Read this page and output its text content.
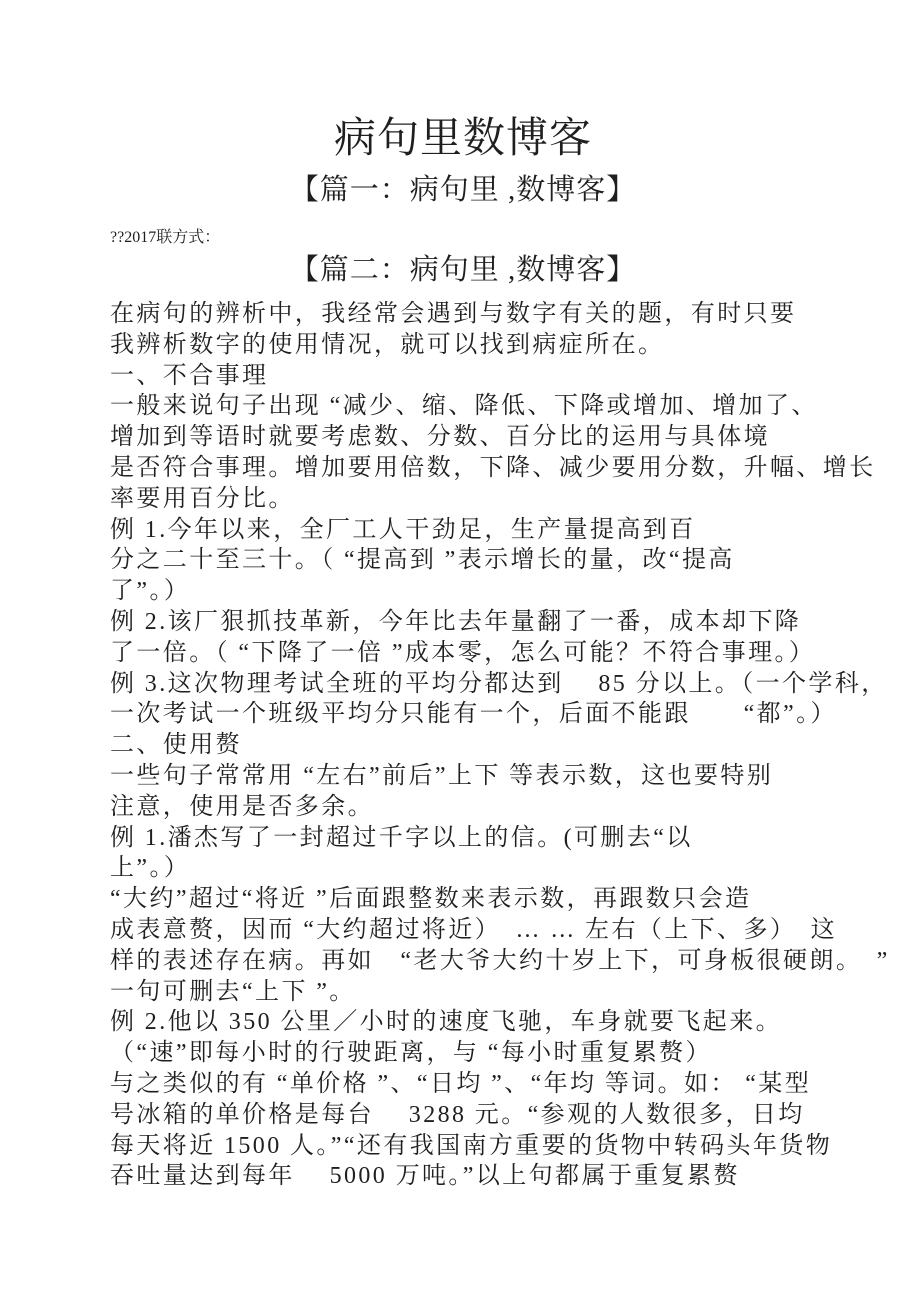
病句里数博客
【篇一：病句里 ,数博客】

??2017联方式：

【篇二：病句里 ,数博客】
在病句的辨析中，我经常会遇到与数字有关的题，有时只要
我辨析数字的使用情况，就可以找到病症所在。
一、不合事理
一般来说句子出现 “减少、缩、降低、下降或增加、增加了、
增加到等语时就要考虑数、分数、百分比的运用与具体境
是否符合事理。增加要用倍数，下降、减少要用分数，升幅、增长
率要用百分比。
例 1.今年以来，全厂工人干劲足，生产量提高到百
分之二十至三十。（ “提高到 ”表示增长的量，改“提高
了”。）
例 2.该厂狠抓技革新，今年比去年量翻了一番，成本却下降
了一倍。（ “下降了一倍 ”成本零，怎么可能？不符合事理。）
例 3.这次物理考试全班的平均分都达到　 85 分以上。（一个学科，
一次考试一个班级平均分只能有一个，后面不能跟　　“都”。）
二、使用赘
一些句子常常用 “左右”前后”上下 等表示数，这也要特别
注意，使用是否多余。
例 1.潘杰写了一封超过千字以上的信。(可删去“以
上”。）
“大约”超过“将近 ”后面跟整数来表示数，再跟数只会造
成表意赘，因而 “大约超过将近）　… … 左右（上下、多）　这
样的表述存在病。再如　“老大爷大约十岁上下，可身板很硬朗。　”
一句可删去“上下 ”。
例 2.他以 350 公里／小时的速度飞驰，车身就要飞起来。
（“速”即每小时的行驶距离，与 “每小时重复累赘）
与之类似的有 “单价格 ”、“日均 ”、“年均 等词。如： “某型
号冰箱的单价格是每台　 3288 元。“参观的人数很多，日均
每天将近 1500 人。”“还有我国南方重要的货物中转码头年货物
吞吐量达到每年　 5000 万吨。”以上句都属于重复累赘
